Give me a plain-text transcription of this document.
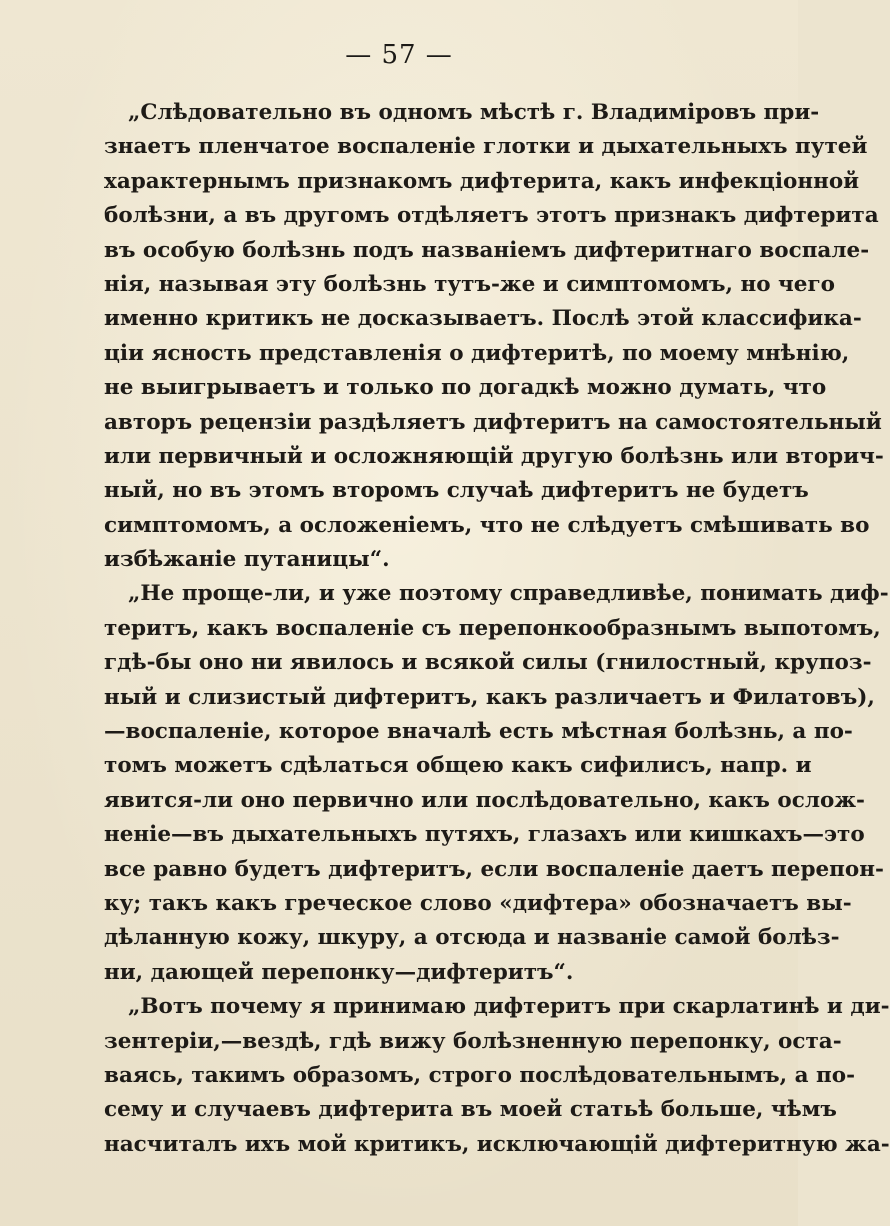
— 57 —
„Слѣдовательно въ одномъ мѣстѣ г. Владимiровъ при-
знаетъ пленчатое воспаленiе глотки и дыхательныхъ путей
характернымъ признакомъ дифтерита, какъ инфекцiонной
болѣзни, а въ другомъ отдѣляетъ этотъ признакъ дифтерита
въ особую болѣзнь подъ названiемъ дифтеритнаго воспале-
нiя, называя эту болѣзнь тутъ-же и симптомомъ, но чего
именно критикъ не досказываетъ. Послѣ этой классифика-
цiи ясность представленiя о дифтеритѣ, по моему мнѣнiю,
не выигрываетъ и только по догадкѣ можно думать, что
авторъ рецензiи раздѣляетъ дифтеритъ на самостоятельный
или первичный и осложняющiй другую болѣзнь или вторич-
ный, но въ этомъ второмъ случаѣ дифтеритъ не будетъ
симптомомъ, а осложенiемъ, что не слѣдуетъ смѣшивать во
избѣжанiе путаницы“.
„Не проще-ли, и уже поэтому справедливѣе, понимать диф-
теритъ, какъ воспаленiе съ перепонкообразнымъ выпотомъ,
гдѣ-бы оно ни явилось и всякой силы (гнилостный, крупоз-
ный и слизистый дифтеритъ, какъ различаетъ и Филатовъ),
—воспаленiе, которое вначалѣ есть мѣстная болѣзнь, а по-
томъ можетъ сдѣлаться общею какъ сифилисъ, напр. и
явится-ли оно первично или послѣдовательно, какъ ослож-
ненiе—въ дыхательныхъ путяхъ, глазахъ или кишкахъ—это
все равно будетъ дифтеритъ, если воспаленiе даетъ перепон-
ку; такъ какъ греческое слово «дифтера» обозначаетъ вы-
дѣланную кожу, шкуру, а отсюда и названiе самой болѣз-
ни, дающей перепонку—дифтеритъ“.
„Вотъ почему я принимаю дифтеритъ при скарлатинѣ и ди-
зентерiи,—вездѣ, гдѣ вижу болѣзненную перепонку, оста-
ваясь, такимъ образомъ, строго послѣдовательнымъ, а по-
сему и случаевъ дифтерита въ моей статьѣ больше, чѣмъ
насчиталъ ихъ мой критикъ, исключающiй дифтеритную жа-
